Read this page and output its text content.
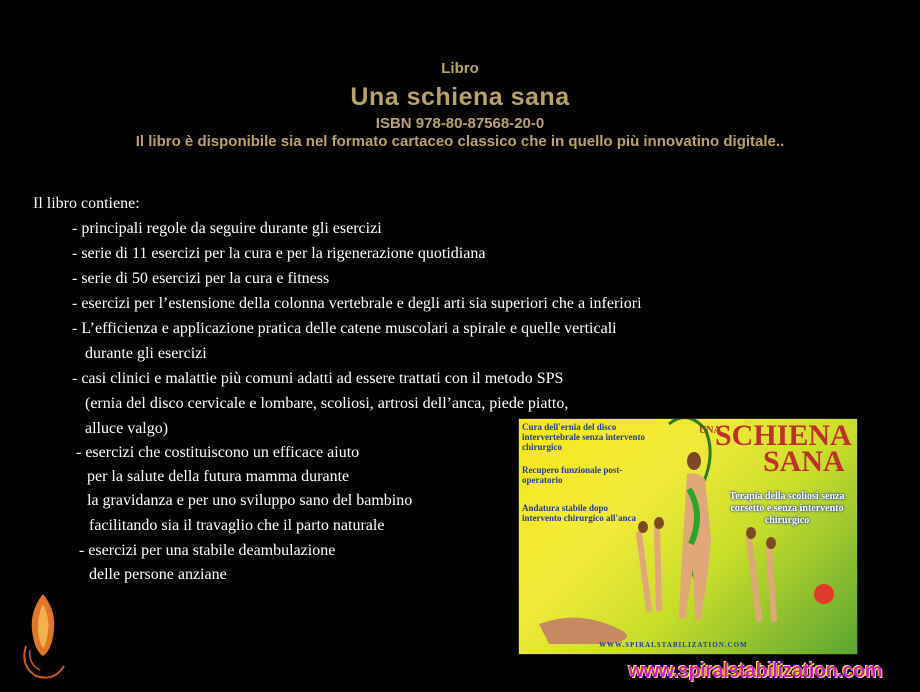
Libro
Una schiena sana
ISBN 978-80-87568-20-0
Il libro è disponibile sia nel formato cartaceo classico che in quello più innovatino digitale..
Il libro contiene:
- principali regole da seguire durante gli esercizi
- serie di 11 esercizi per la cura e per la rigenerazione quotidiana
- serie di 50 esercizi per la cura e fitness
- esercizi per l’estensione della colonna vertebrale e degli arti sia superiori che a inferiori
- L’efficienza e applicazione pratica delle catene muscolari a spirale e quelle verticali
durante gli esercizi
- casi clinici e malattie più comuni adatti ad essere trattati con il metodo SPS
(ernia del disco cervicale e lombare, scoliosi, artrosi dell’anca, piede piatto,
alluce valgo)
- esercizi che costituiscono un efficace aiuto
per la salute della futura mamma durante
la gravidanza e per uno sviluppo sano del bambino
facilitando sia il travaglio che il parto naturale
- esercizi per una stabile deambulazione
delle persone anziane
UNA
SCHIENA
SANA
Cura dell'ernia del disco intervertebrale senza intervento chirurgico
Recupero funzionale post-operatorio
Andatura stabile dopo intervento chirurgico all'anca
Terapia della scoliosi senza corsetto e senza intervento chirurgico
WWW.SPIRALSTABILIZATION.COM
www.spiralstabilization.com
